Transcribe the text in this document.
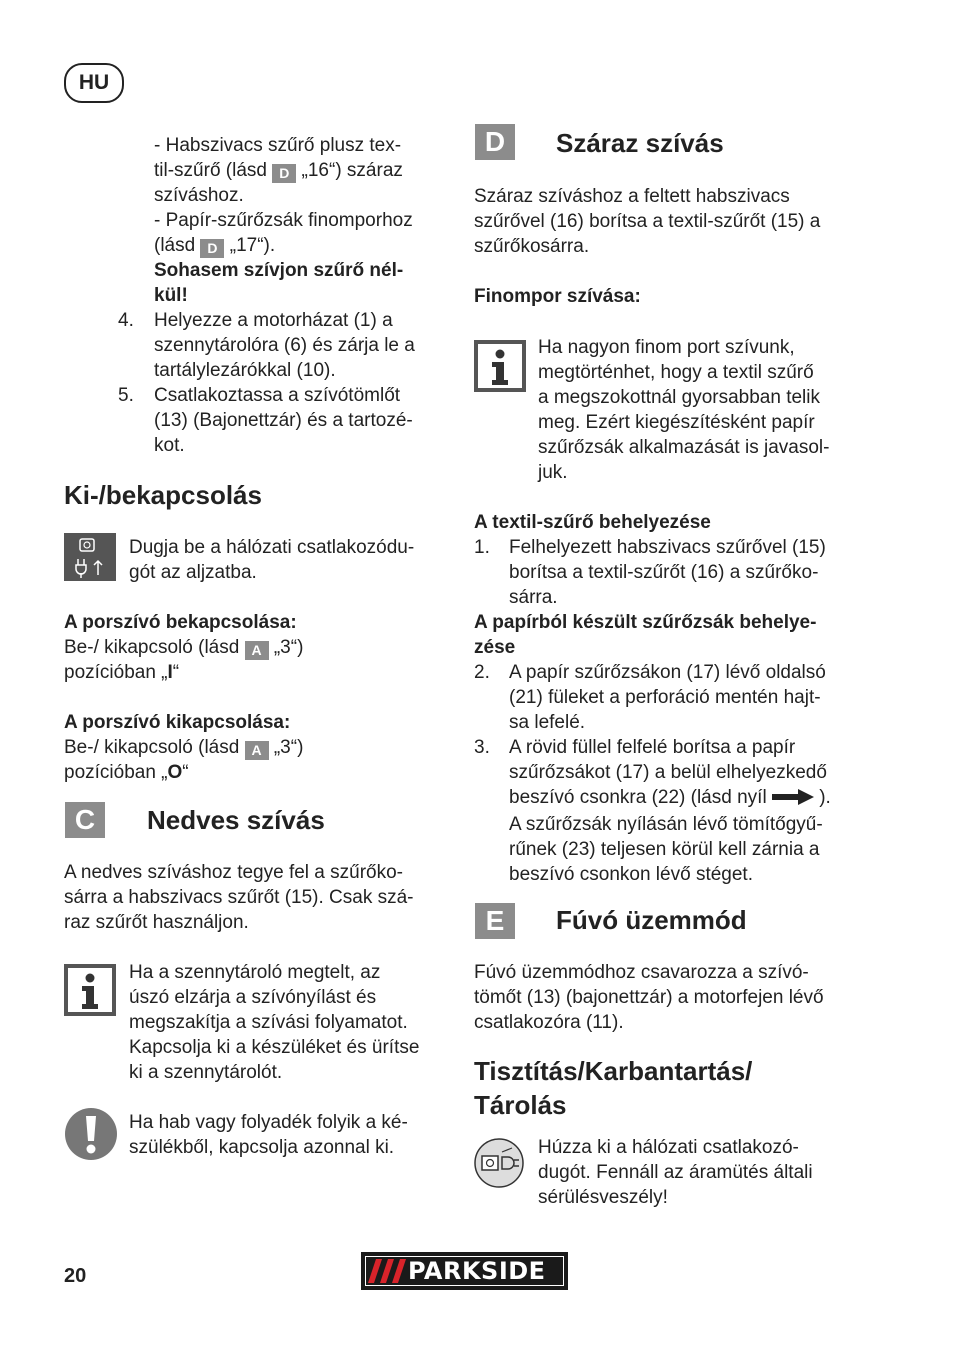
HU

- Habszivacs szűrő plusz tex-

til-szűrő (lásd D „16“) száraz

szíváshoz.

- Papír-szűrőzsák finomporhoz

(lásd D „17“).

Sohasem szívjon szűrő nél-

kül!

4. Helyezze a motorházat (1) a

szennytárolóra (6) és zárja le a

tartálylezárókkal (10).

5. Csatlakoztassa a szívótömlőt

(13) (Bajonettzár) és a tartozé-

kot.

Ki-/bekapcsolás

Dugja be a hálózati csatlakozódu-

gót az aljzatba.

A porszívó bekapcsolása:

Be-/ kikapcsoló (lásd A „3“)

pozícióban „I“

A porszívó kikapcsolása:

Be-/ kikapcsoló (lásd A „3“)

pozícióban „O“

C	Nedves szívás

A nedves szíváshoz tegye fel a szűrőko-

sárra a habszivacs szűrőt (15). Csak szá-

raz szűrőt használjon.

Ha a szennytároló megtelt, az

úszó elzárja a szívónyílást és

megszakítja a szívási folyamatot.

Kapcsolja ki a készüléket és ürítse

ki a szennytárolót.

Ha hab vagy folyadék folyik a ké-

szülékből, kapcsolja azonnal ki.

D	Száraz szívás

Száraz szíváshoz a feltett habszivacs

szűrővel (16) borítsa a textil-szűrőt (15) a

szűrőkosárra.

Finompor szívása:

Ha nagyon finom port szívunk,

megtörténhet, hogy a textil szűrő

a megszokottnál gyorsabban telik

meg. Ezért kiegészítésként papír

szűrőzsák alkalmazását is javasol-

juk.

A textil-szűrő behelyezése

1. Felhelyezett habszivacs szűrővel (15)

borítsa a textil-szűrőt (16) a szűrőko-

sárra.

A papírból készült szűrőzsák behelye-

zése

2. A papír szűrőzsákon (17) lévő oldalsó

(21) füleket a perforáció mentén hajt-

sa lefelé.

3. A rövid füllel felfelé borítsa a papír

szűrőzsákot (17) a belül elhelyezkedő

beszívó csonkra (22) (lásd nyíl  ).

A szűrőzsák nyílásán lévő tömítőgyű-

rűnek (23) teljesen körül kell zárnia a

beszívó csonkon lévő stéget.

E	Fúvó üzemmód

Fúvó üzemmódhoz csavarozza a szívó-

tömőt (13) (bajonettzár) a motorfejen lévő

csatlakozóra (11).

Tisztítás/Karbantartás/

Tárolás

Húzza ki a hálózati csatlakozó-

dugót. Fennáll az áramütés általi

sérülésveszély!

20	PARKSIDE
